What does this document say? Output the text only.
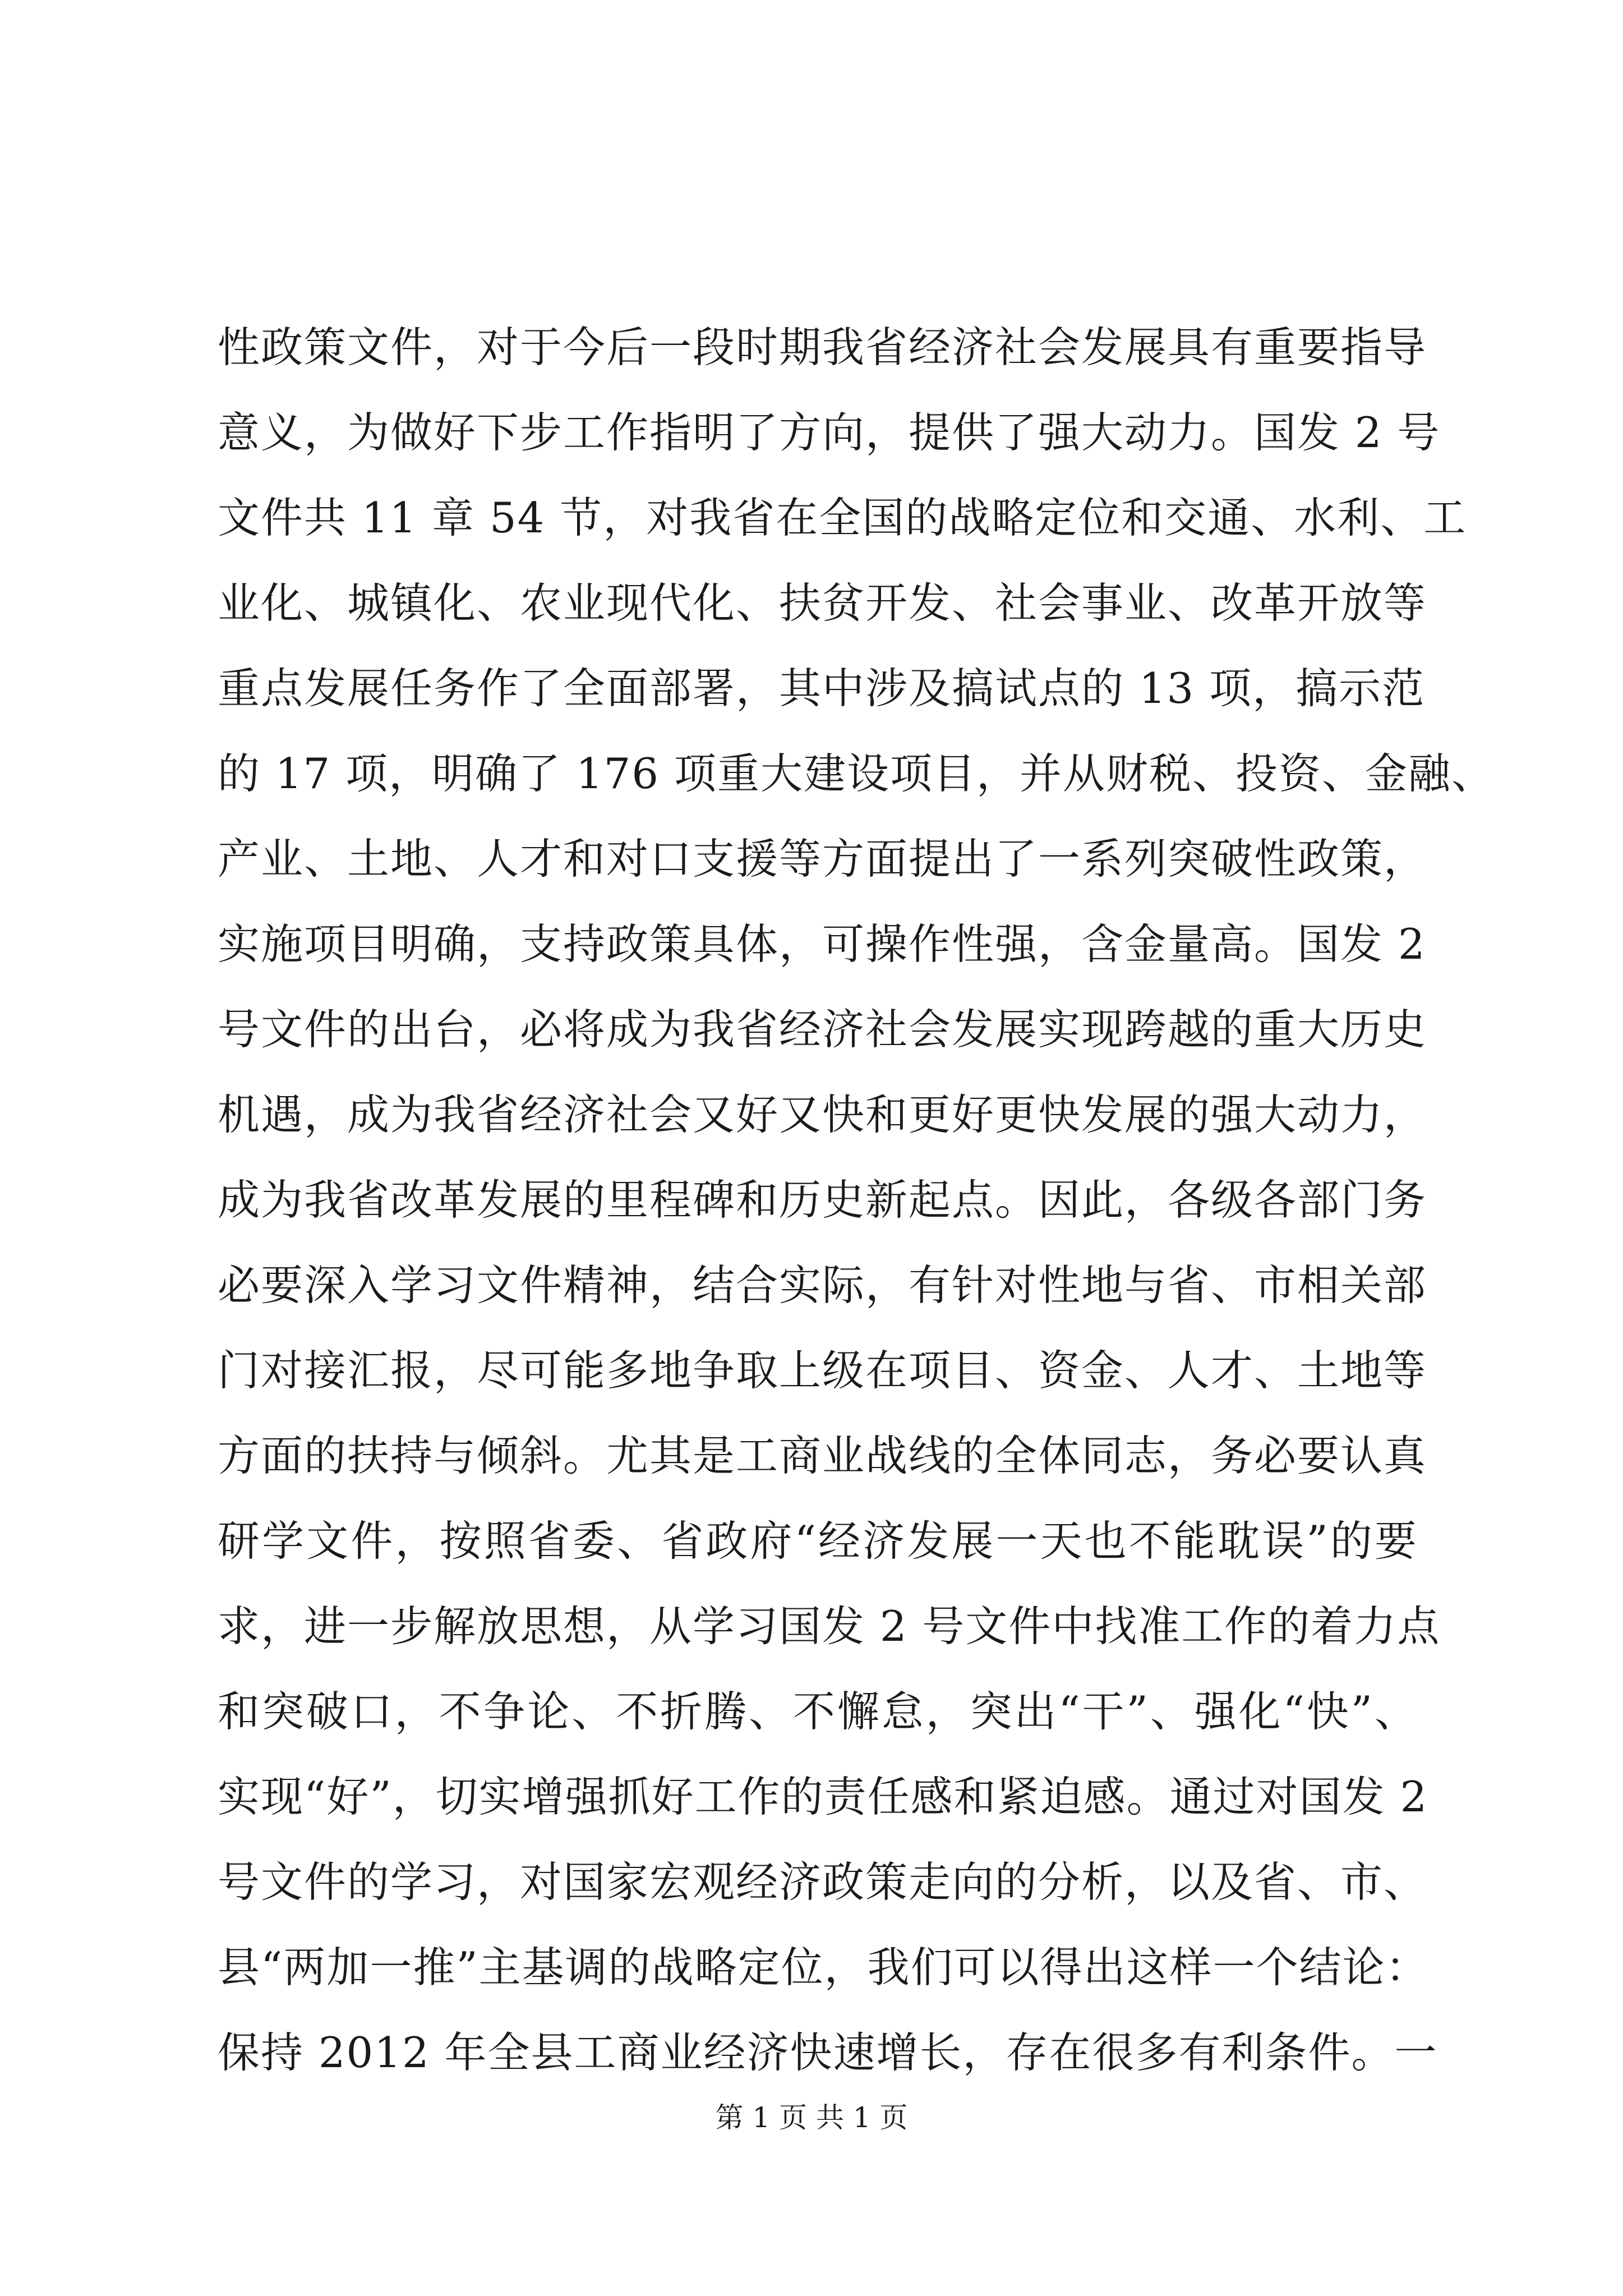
性政策文件，对于今后一段时期我省经济社会发展具有重要指导
意义，为做好下步工作指明了方向，提供了强大动力。国发 2 号
文件共 11 章 54 节，对我省在全国的战略定位和交通、水利、工
业化、城镇化、农业现代化、扶贫开发、社会事业、改革开放等
重点发展任务作了全面部署，其中涉及搞试点的 13 项，搞示范
的 17 项，明确了 176 项重大建设项目，并从财税、投资、金融、
产业、土地、人才和对口支援等方面提出了一系列突破性政策，
实施项目明确，支持政策具体，可操作性强，含金量高。国发 2
号文件的出台，必将成为我省经济社会发展实现跨越的重大历史
机遇，成为我省经济社会又好又快和更好更快发展的强大动力，
成为我省改革发展的里程碑和历史新起点。因此，各级各部门务
必要深入学习文件精神，结合实际，有针对性地与省、市相关部
门对接汇报，尽可能多地争取上级在项目、资金、人才、土地等
方面的扶持与倾斜。尤其是工商业战线的全体同志，务必要认真
研学文件，按照省委、省政府“经济发展一天也不能耽误”的要
求，进一步解放思想，从学习国发 2 号文件中找准工作的着力点
和突破口，不争论、不折腾、不懈怠，突出“干”、强化“快”、
实现“好”，切实增强抓好工作的责任感和紧迫感。通过对国发 2
号文件的学习，对国家宏观经济政策走向的分析，以及省、市、
县“两加一推”主基调的战略定位，我们可以得出这样一个结论：
保持 2012 年全县工商业经济快速增长，存在很多有利条件。一
第 1 页 共 1 页
